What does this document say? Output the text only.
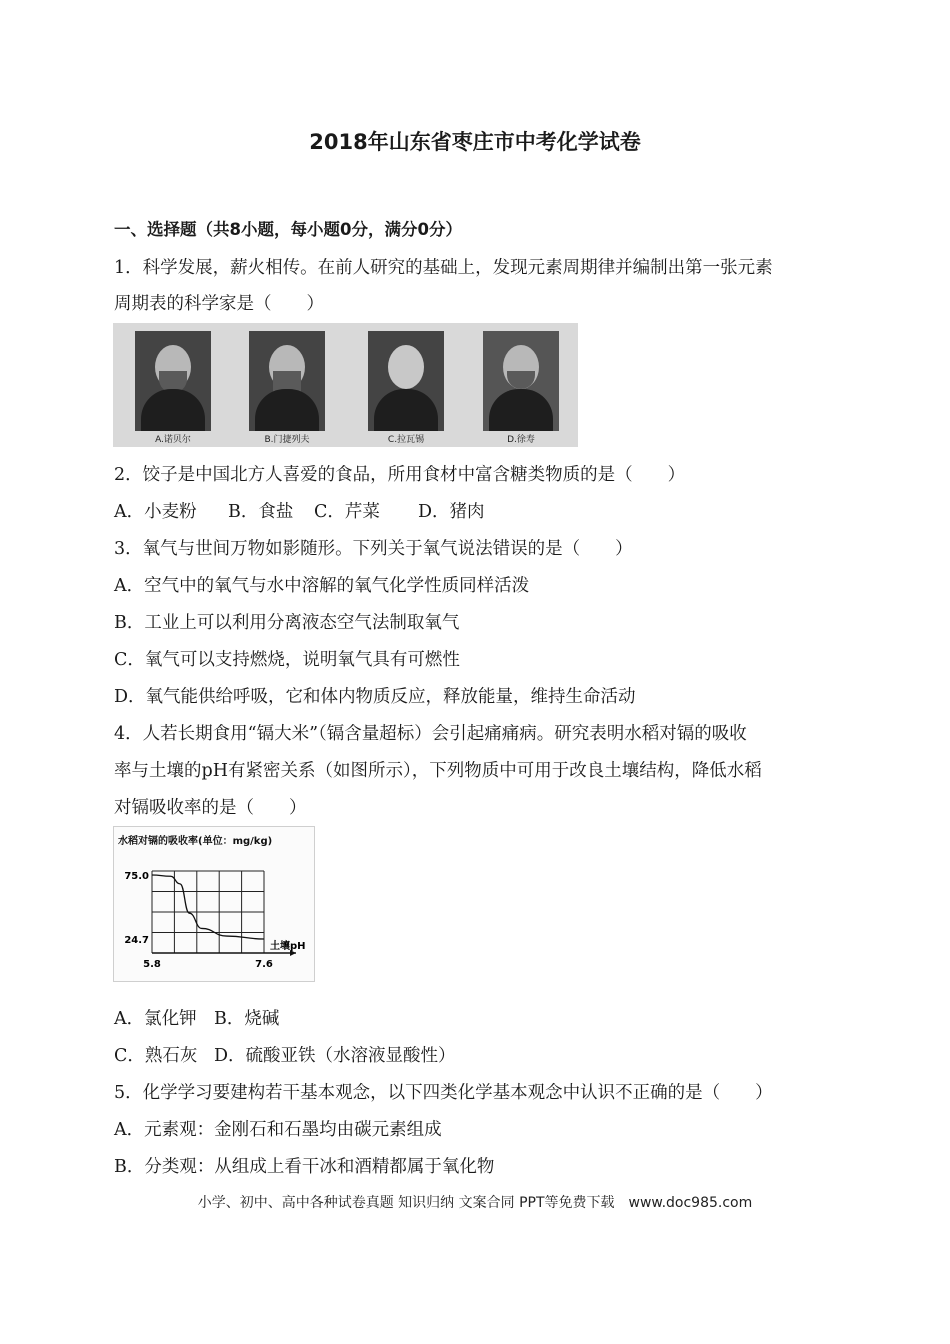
2018年山东省枣庄市中考化学试卷
一、选择题（共8小题，每小题0分，满分0分）
1．科学发展，薪火相传。在前人研究的基础上，发现元素周期律并编制出第一张元素
周期表的科学家是（　　）
A.诺贝尔	B.门捷列夫	C.拉瓦锡	D.徐寿
2．饺子是中国北方人喜爱的食品，所用食材中富含糖类物质的是（　　）
A．小麦粉 B．食盐 C．芹菜 D．猪肉
3．氧气与世间万物如影随形。下列关于氧气说法错误的是（　　）
A．空气中的氧气与水中溶解的氧气化学性质同样活泼
B．工业上可以利用分离液态空气法制取氧气
C．氧气可以支持燃烧，说明氧气具有可燃性
D．氧气能供给呼吸，它和体内物质反应，释放能量，维持生命活动
4．人若长期食用“镉大米”（镉含量超标）会引起痛痛病。研究表明水稻对镉的吸收
率与土壤的pH有紧密关系（如图所示），下列物质中可用于改良土壤结构，降低水稻
对镉吸收率的是（　　）
水稻对镉的吸收率(单位：mg/kg)
75.0
24.7
5.8	7.6
土壤pH
A．氯化钾 B．烧碱
C．熟石灰 D．硫酸亚铁（水溶液显酸性）
5．化学学习要建构若干基本观念，以下四类化学基本观念中认识不正确的是（　　）
A．元素观：金刚石和石墨均由碳元素组成
B．分类观：从组成上看干冰和酒精都属于氧化物
小学、初中、高中各种试卷真题 知识归纳 文案合同 PPT等免费下载　www.doc985.com
